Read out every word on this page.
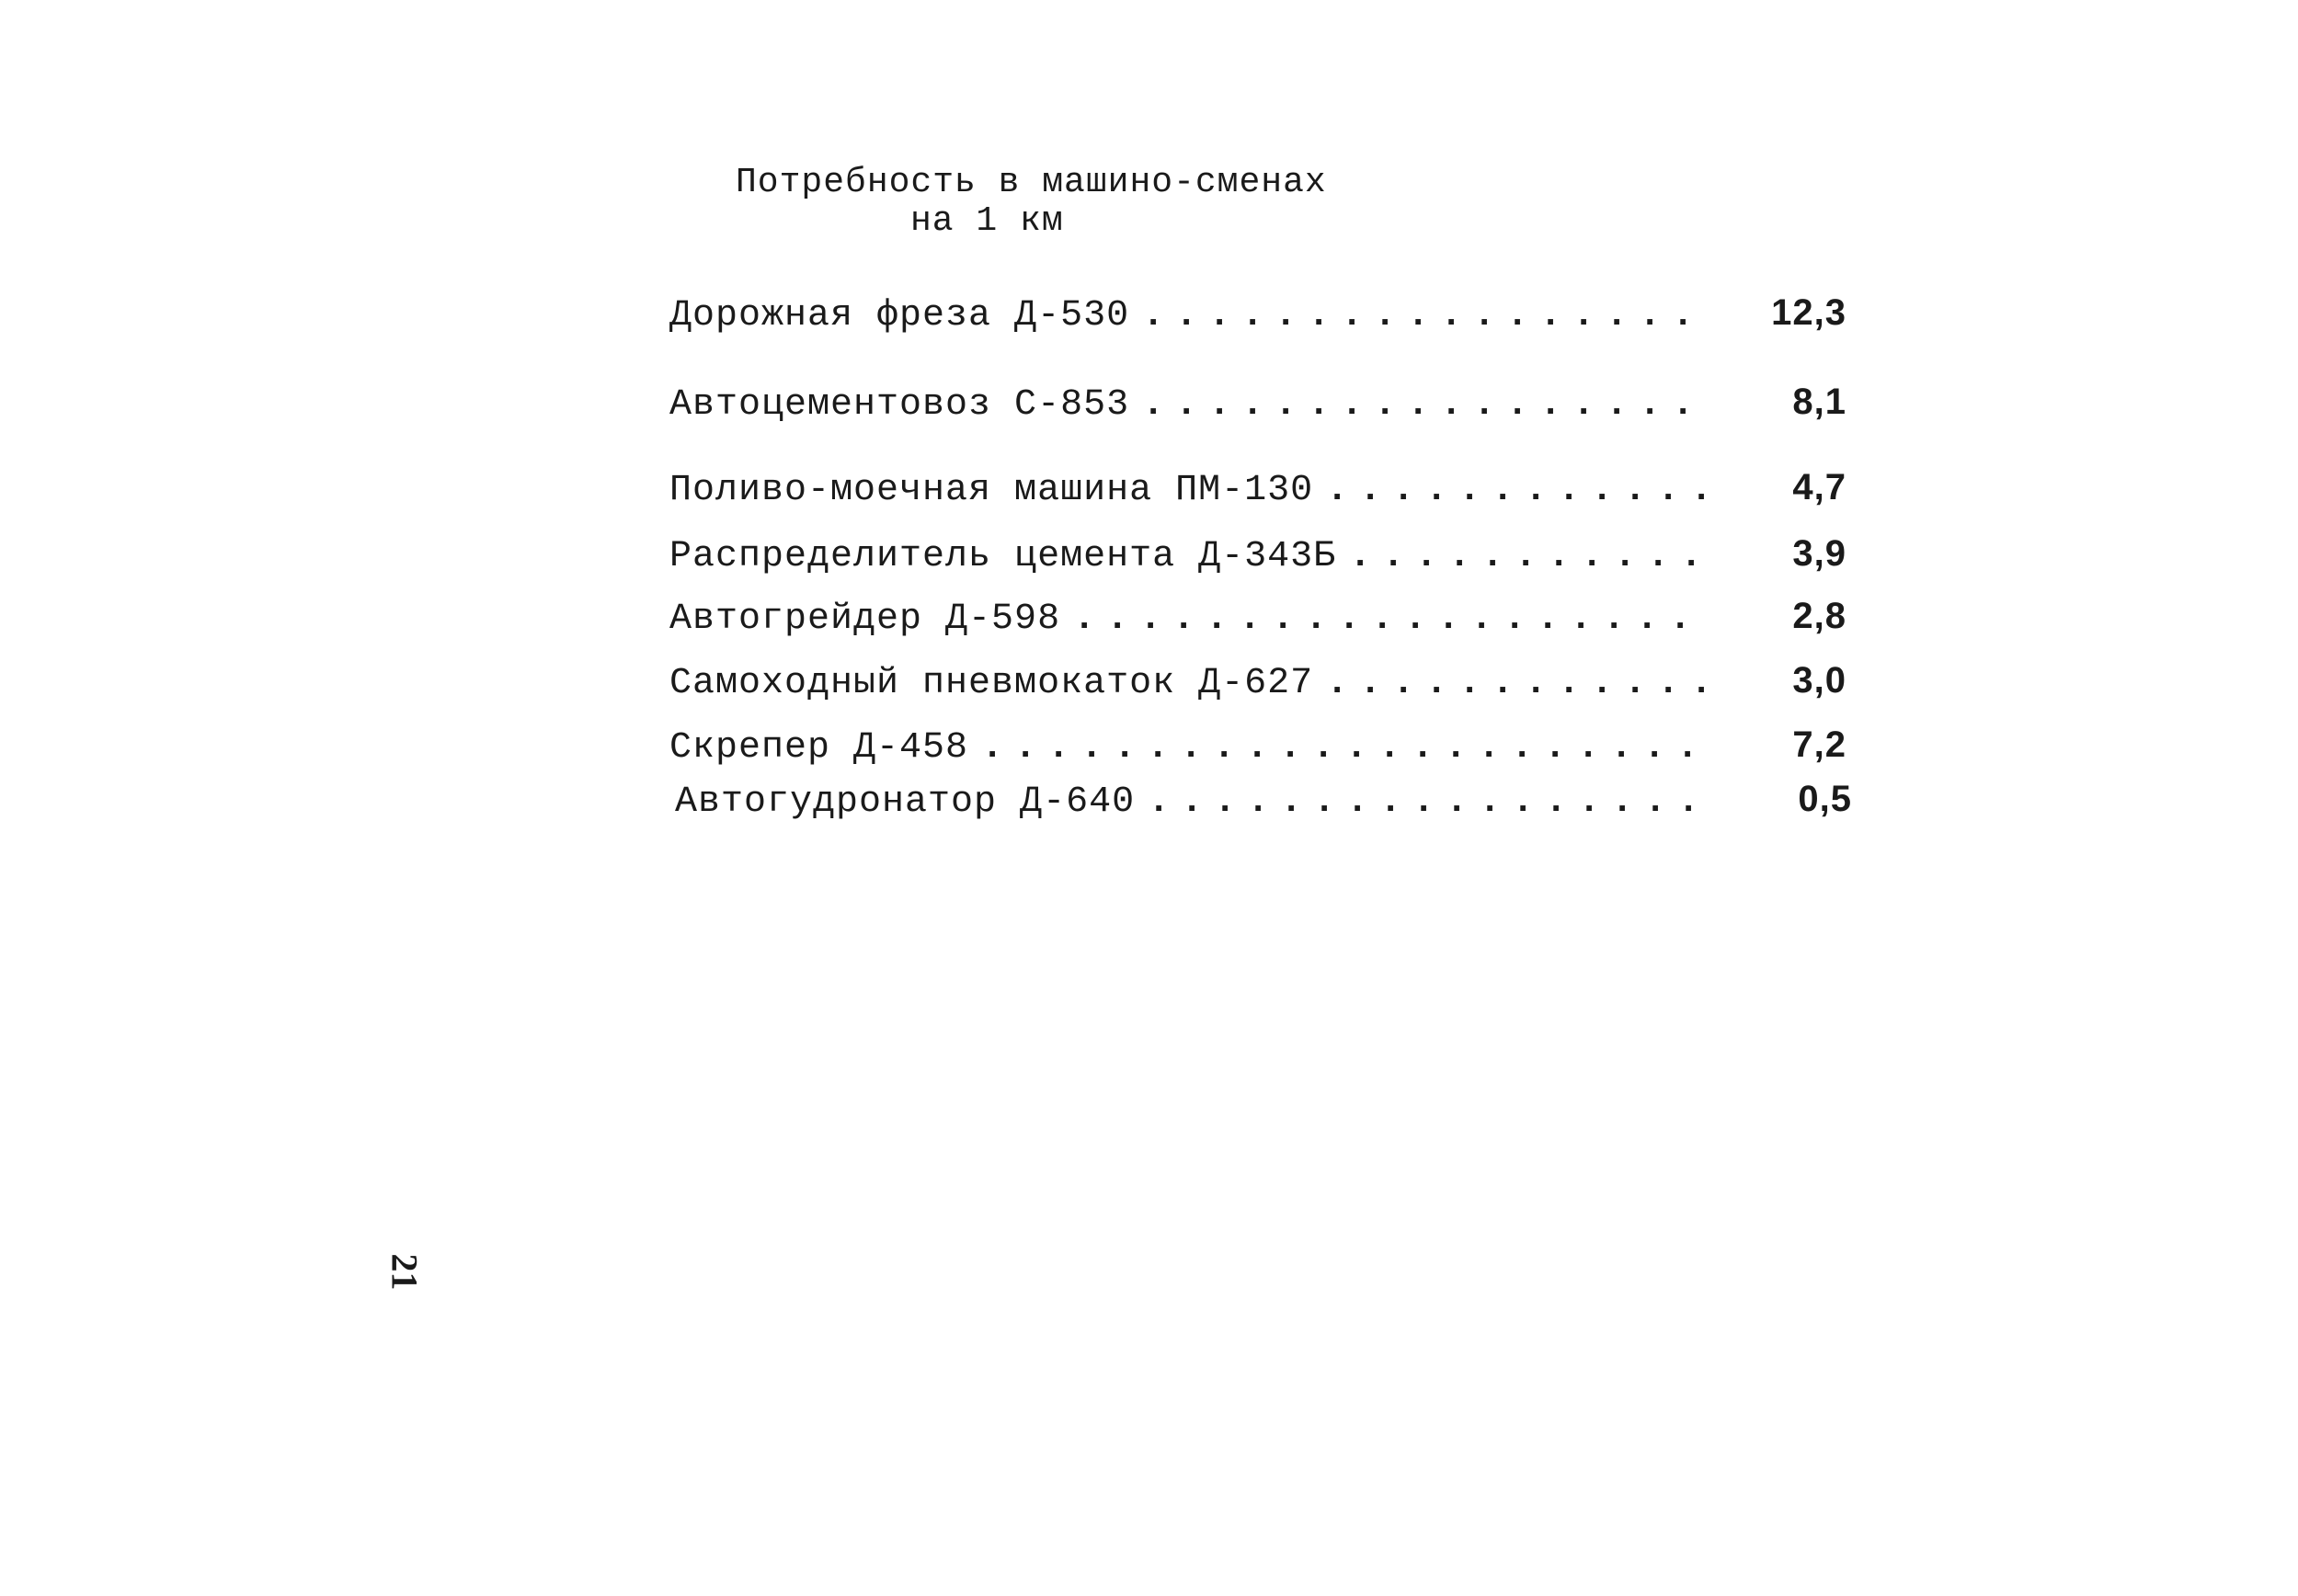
Потребность в машино-сменах
на 1 км
Дорожная фреза Д-530 .....	12,3
Автоцементовоз С-853 .....	8,1
Поливо-моечная машина ПМ-130 .....	4,7
Распределитель цемента Д-343Б .....	3,9
Автогрейдер Д-598 .....	2,8
Самоходный пневмокаток Д-627 .....	3,0
Скрепер Д-458 .....	7,2
Автогудронатор Д-640 .....	0,5
21
